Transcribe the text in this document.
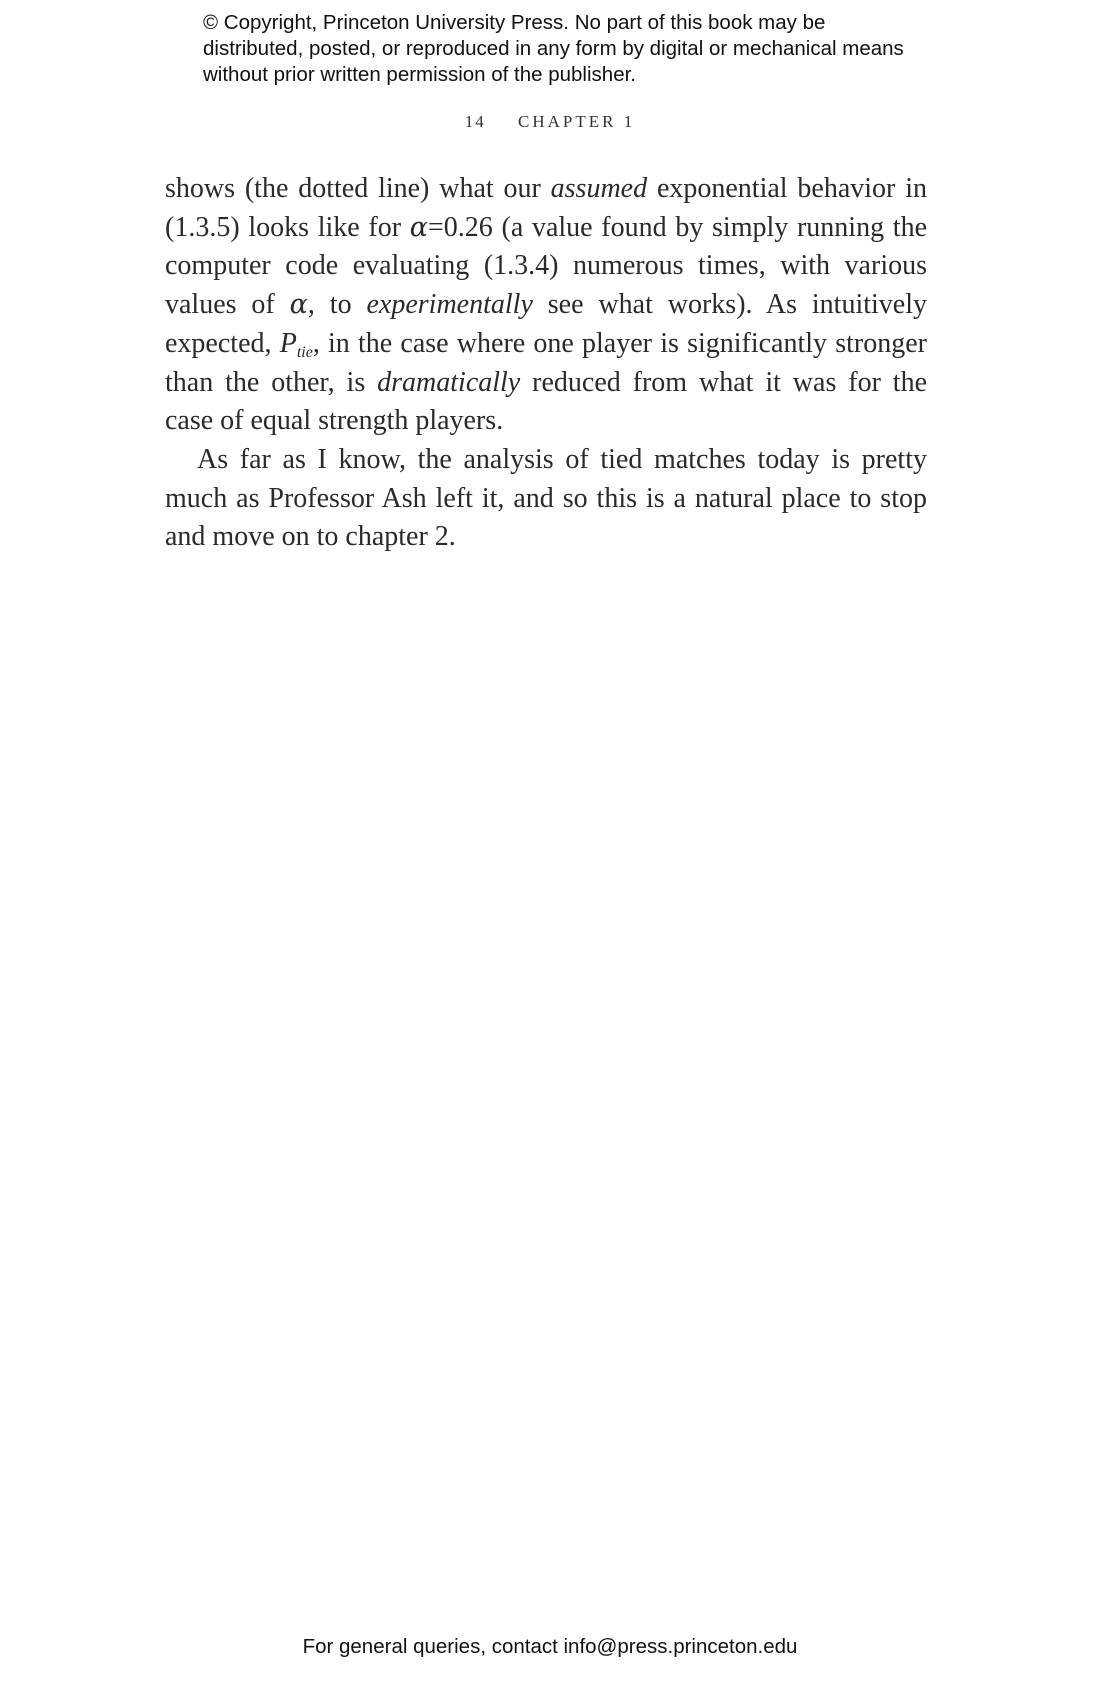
© Copyright, Princeton University Press. No part of this book may be distributed, posted, or reproduced in any form by digital or mechanical means without prior written permission of the publisher.
14 CHAPTER 1

shows (the dotted line) what our assumed exponential behavior in (1.3.5) looks like for α=0.26 (a value found by simply running the computer code evaluating (1.3.4) numerous times, with various values of α, to experimentally see what works). As intuitively expected, $P_{tie}$, in the case where one player is significantly stronger than the other, is dramatically reduced from what it was for the case of equal strength players.

As far as I know, the analysis of tied matches today is pretty much as Professor Ash left it, and so this is a natural place to stop and move on to chapter 2.

For general queries, contact info@press.princeton.edu
